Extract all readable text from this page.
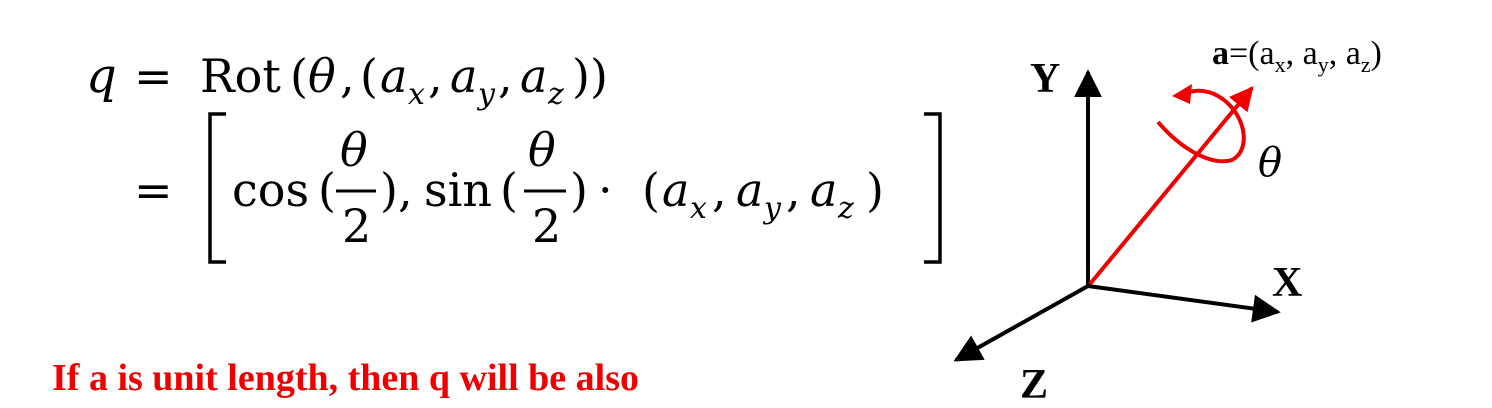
q = Rot ( θ , ( a x , a y , a z ))
= cos (
θ
2
), sin (
θ
2
) · ( a x , a y , a z )
If a is unit length, then q will be also
Y
X
Z
θ
$a=(a_x$, $a_y$, $a_z$)
